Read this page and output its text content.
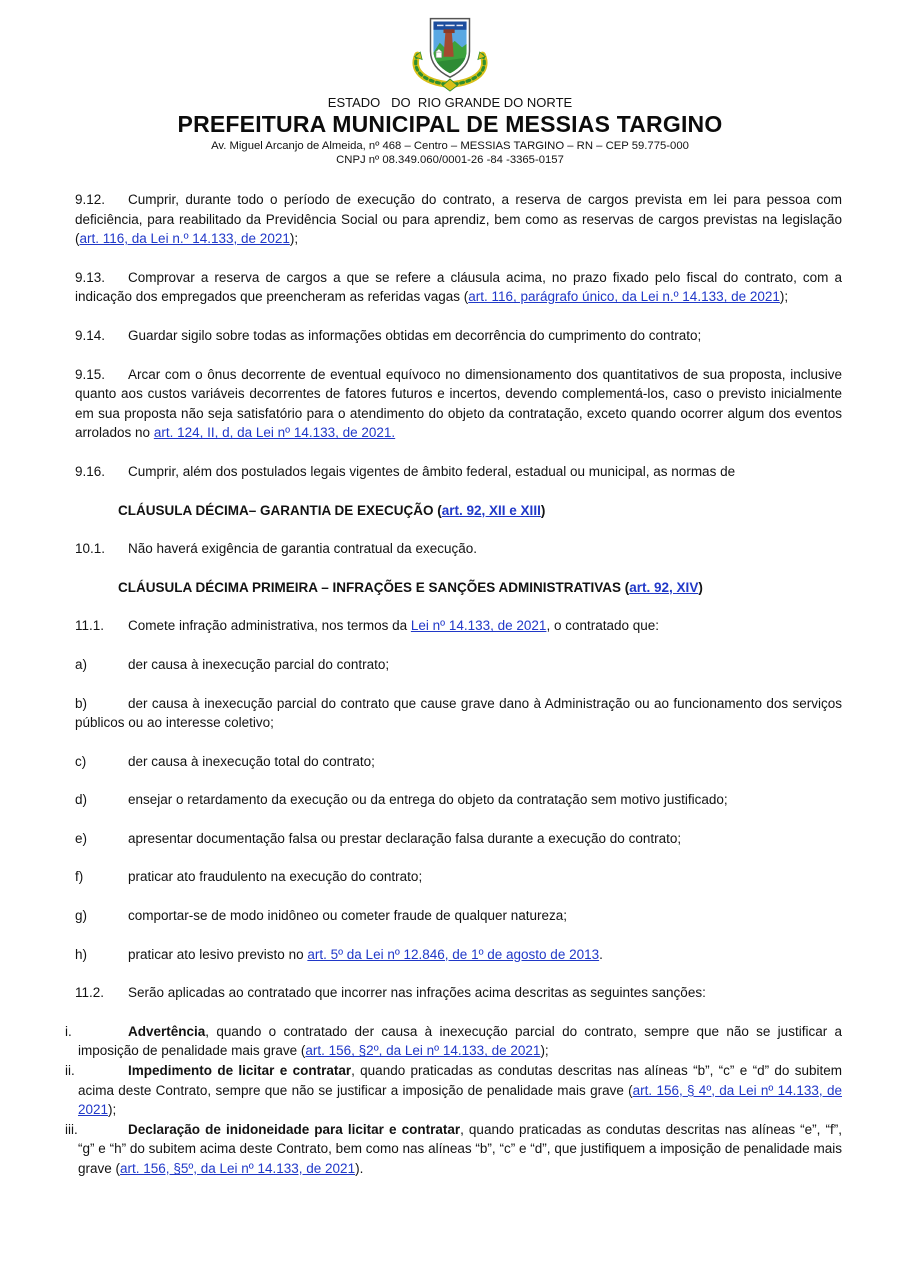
ESTADO   DO  RIO GRANDE DO NORTE
PREFEITURA MUNICIPAL DE MESSIAS TARGINO
Av. Miguel Arcanjo de Almeida, nº 468 – Centro – MESSIAS TARGINO – RN – CEP 59.775-000
CNPJ nº 08.349.060/0001-26 -84 -3365-0157

9.12. Cumprir, durante todo o período de execução do contrato, a reserva de cargos prevista em lei para pessoa com deficiência, para reabilitado da Previdência Social ou para aprendiz, bem como as reservas de cargos previstas na legislação (art. 116, da Lei n.º 14.133, de 2021);

9.13. Comprovar a reserva de cargos a que se refere a cláusula acima, no prazo fixado pelo fiscal do contrato, com a indicação dos empregados que preencheram as referidas vagas (art. 116, parágrafo único, da Lei n.º 14.133, de 2021);

9.14. Guardar sigilo sobre todas as informações obtidas em decorrência do cumprimento do contrato;

9.15. Arcar com o ônus decorrente de eventual equívoco no dimensionamento dos quantitativos de sua proposta, inclusive quanto aos custos variáveis decorrentes de fatores futuros e incertos, devendo complementá-los, caso o previsto inicialmente em sua proposta não seja satisfatório para o atendimento do objeto da contratação, exceto quando ocorrer algum dos eventos arrolados no art. 124, II, d, da Lei nº 14.133, de 2021.

9.16. Cumprir, além dos postulados legais vigentes de âmbito federal, estadual ou municipal, as normas de

CLÁUSULA DÉCIMA– GARANTIA DE EXECUÇÃO (art. 92, XII e XIII)

10.1. Não haverá exigência de garantia contratual da execução.

CLÁUSULA DÉCIMA PRIMEIRA – INFRAÇÕES E SANÇÕES ADMINISTRATIVAS (art. 92, XIV)

11.1. Comete infração administrativa, nos termos da Lei nº 14.133, de 2021, o contratado que:

a)	der causa à inexecução parcial do contrato;

b)	der causa à inexecução parcial do contrato que cause grave dano à Administração ou ao funcionamento dos serviços públicos ou ao interesse coletivo;

c)	der causa à inexecução total do contrato;

d)	ensejar o retardamento da execução ou da entrega do objeto da contratação sem motivo justificado;

e)	apresentar documentação falsa ou prestar declaração falsa durante a execução do contrato;

f)	praticar ato fraudulento na execução do contrato;

g)	comportar-se de modo inidôneo ou cometer fraude de qualquer natureza;

h)	praticar ato lesivo previsto no art. 5º da Lei nº 12.846, de 1º de agosto de 2013.

11.2. Serão aplicadas ao contratado que incorrer nas infrações acima descritas as seguintes sanções:

i.	Advertência, quando o contratado der causa à inexecução parcial do contrato, sempre que não se justificar a imposição de penalidade mais grave (art. 156, §2º, da Lei nº 14.133, de 2021);

ii.	Impedimento de licitar e contratar, quando praticadas as condutas descritas nas alíneas “b”, “c” e “d” do subitem acima deste Contrato, sempre que não se justificar a imposição de penalidade mais grave (art. 156, § 4º, da Lei nº 14.133, de 2021);

iii.	Declaração de inidoneidade para licitar e contratar, quando praticadas as condutas descritas nas alíneas “e”, “f”, “g” e “h” do subitem acima deste Contrato, bem como nas alíneas “b”, “c” e “d”, que justifiquem a imposição de penalidade mais grave (art. 156, §5º, da Lei nº 14.133, de 2021).
